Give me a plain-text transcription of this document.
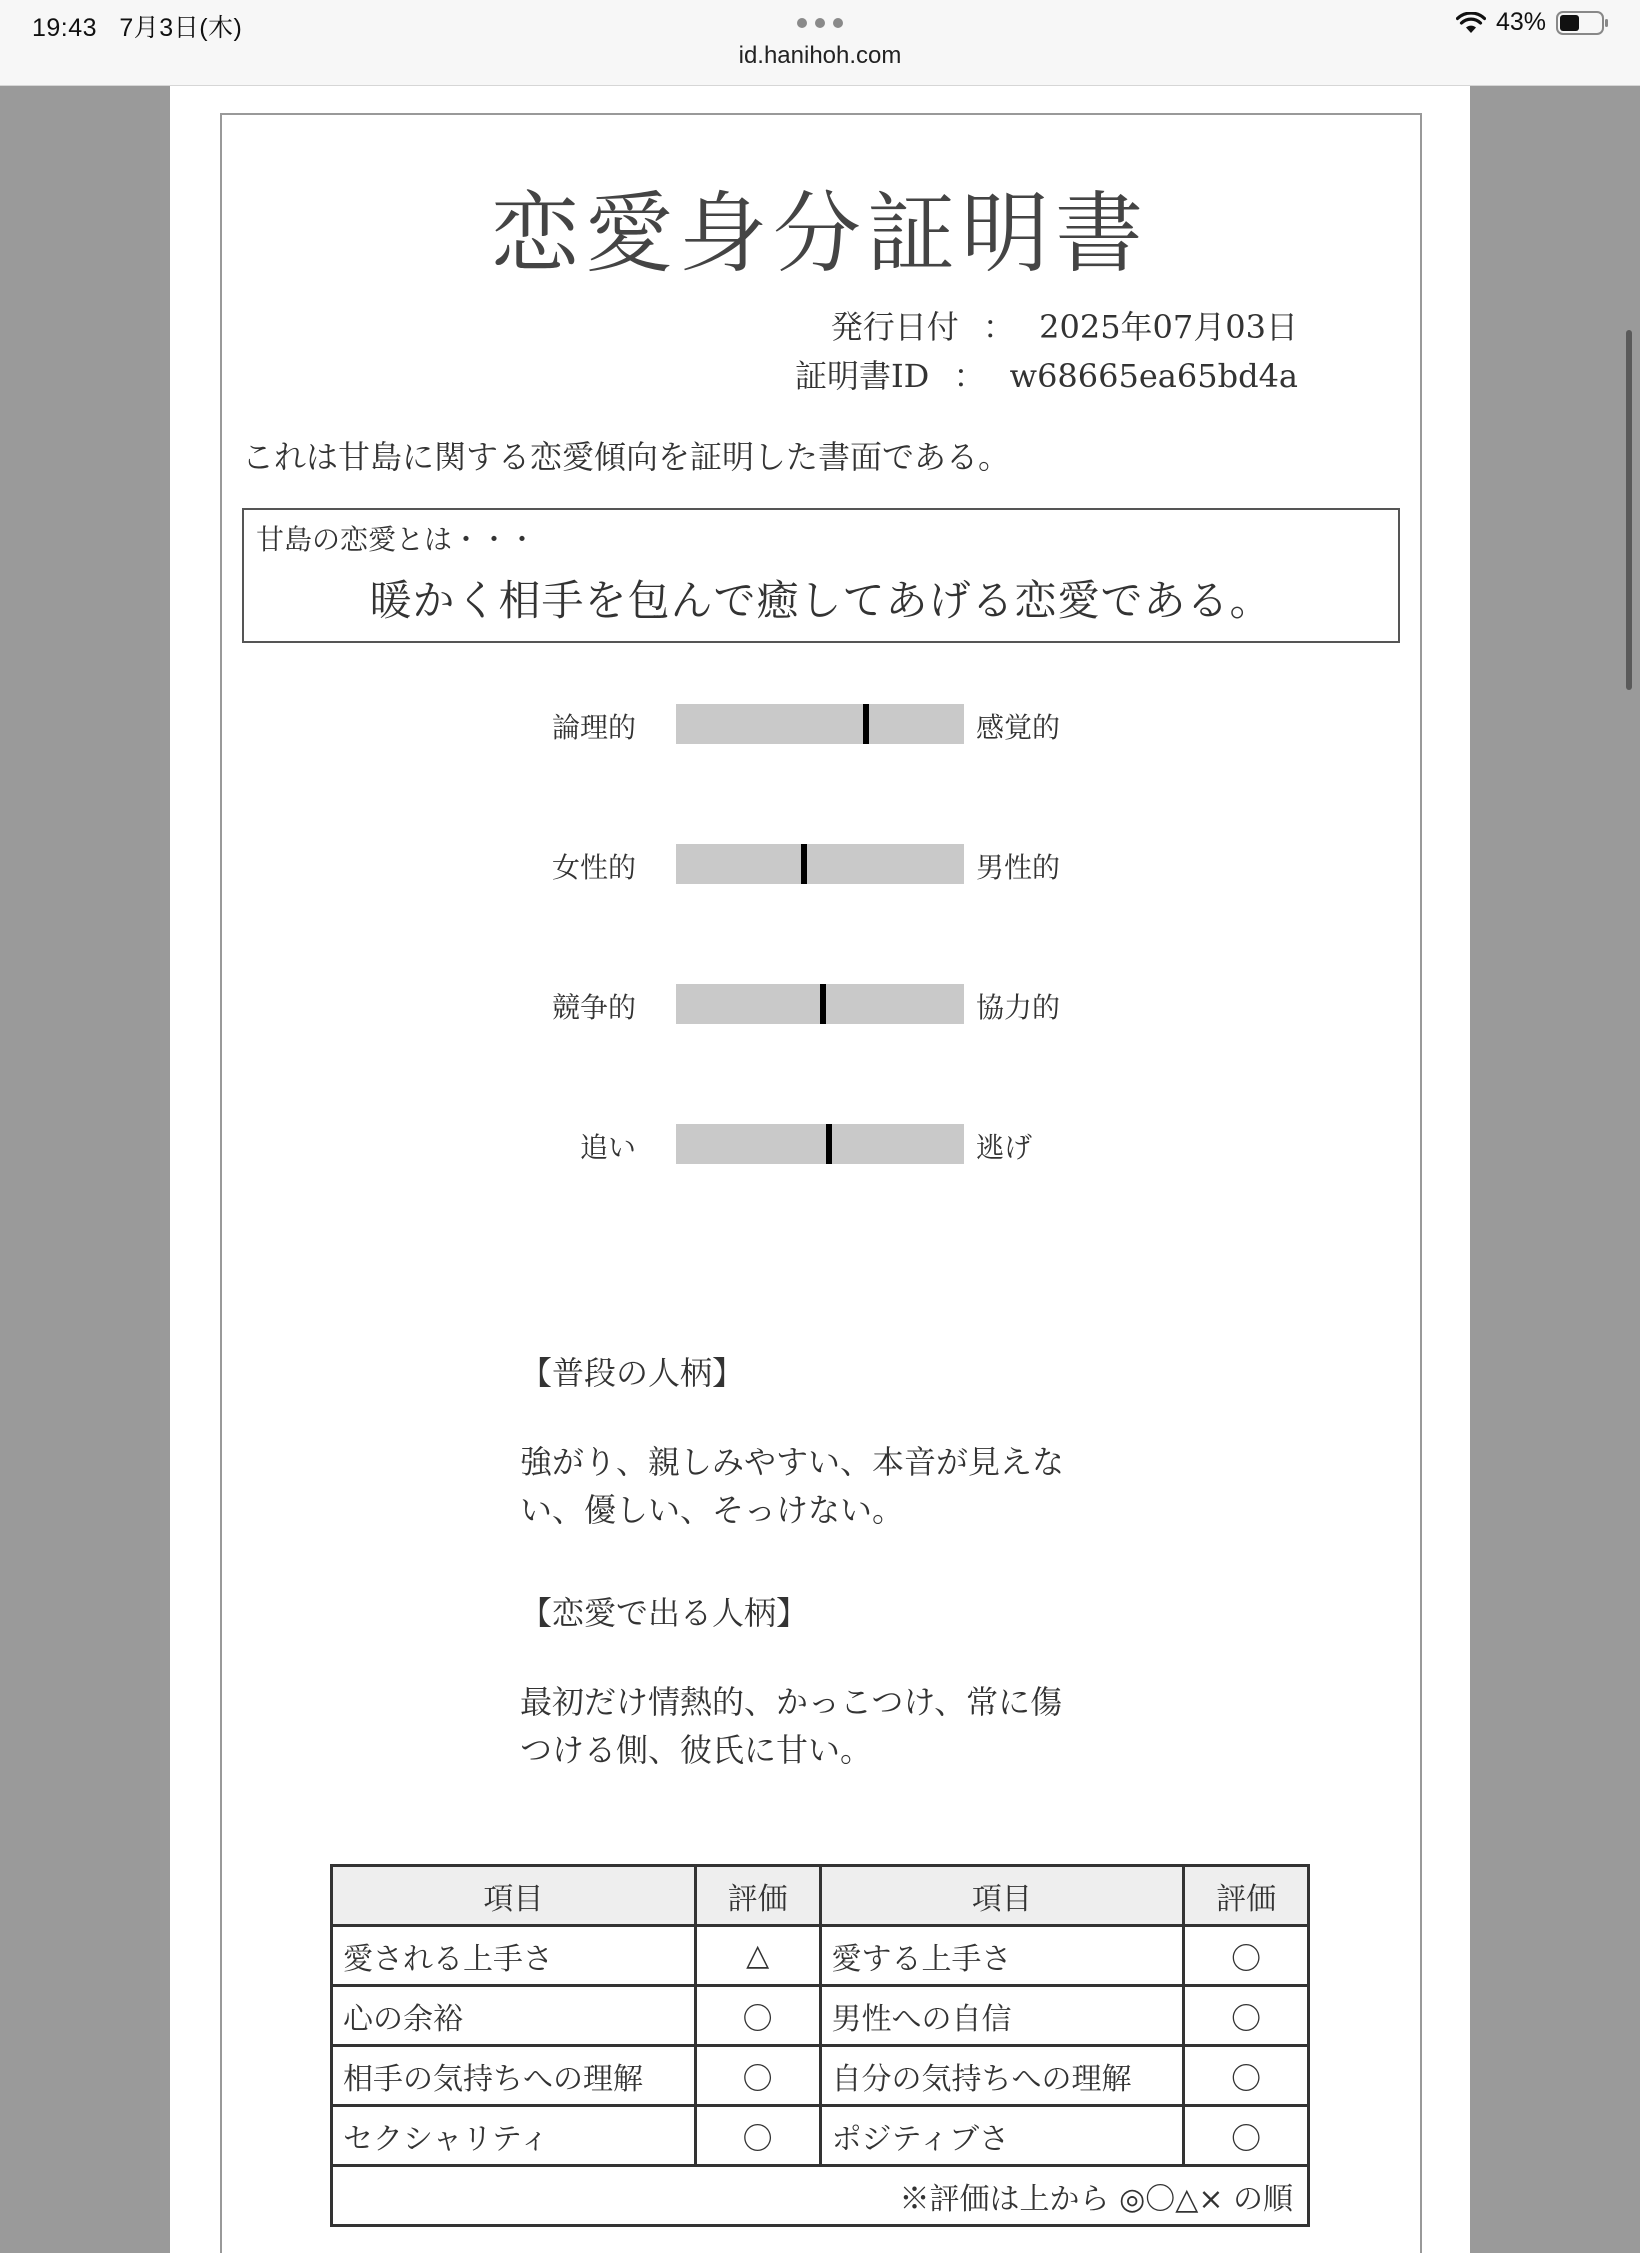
19:43 7月3日(木)
id.hanihoh.com
43%
恋愛身分証明書
発行日付 ： 2025年07月03日
証明書ID ： w68665ea65bd4a
これは甘島に関する恋愛傾向を証明した書面である。
甘島の恋愛とは・・・
暖かく相手を包んで癒してあげる恋愛である。
論理的	感覚的
女性的	男性的
競争的	協力的
追い	逃げ
【普段の人柄】
強がり、親しみやすい、本音が見えない、優しい、そっけない。
【恋愛で出る人柄】
最初だけ情熱的、かっこつけ、常に傷つける側、彼氏に甘い。
項目	評価	項目	評価
愛される上手さ	△	愛する上手さ	〇
心の余裕	〇	男性への自信	〇
相手の気持ちへの理解	〇	自分の気持ちへの理解	〇
セクシャリティ	〇	ポジティブさ	〇
※評価は上から ◎〇△× の順			
